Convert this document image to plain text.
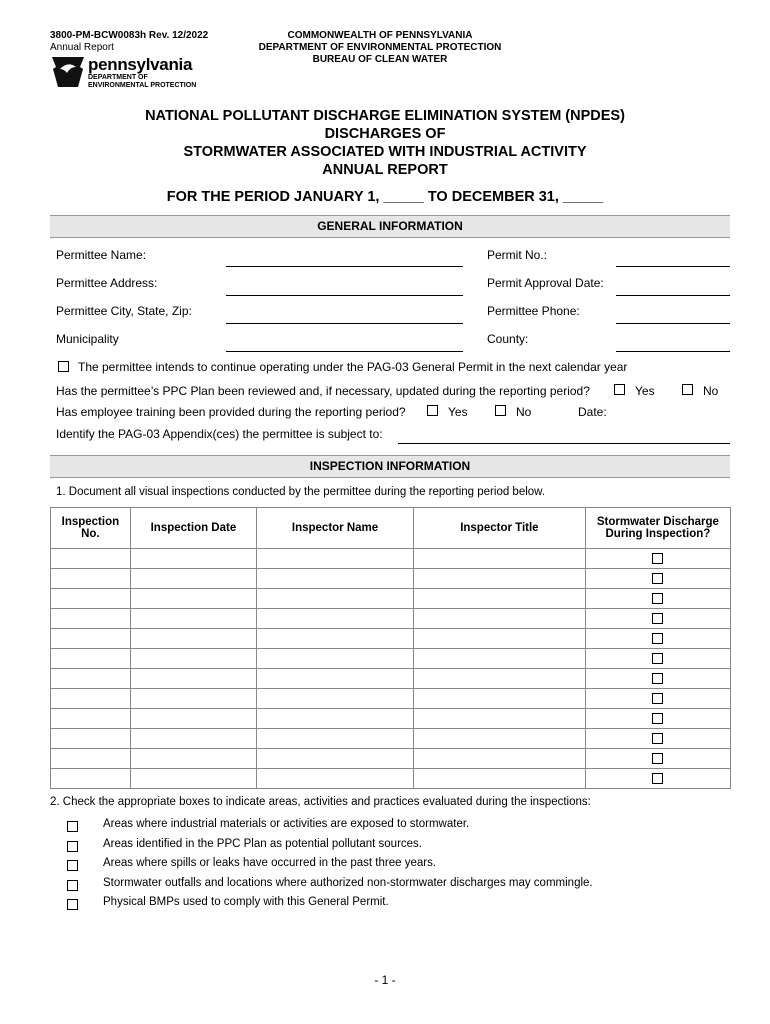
3800-PM-BCW0083h Rev. 12/2022
Annual Report
pennsylvania
DEPARTMENT OF ENVIRONMENTAL PROTECTION
COMMONWEALTH OF PENNSYLVANIA
DEPARTMENT OF ENVIRONMENTAL PROTECTION
BUREAU OF CLEAN WATER
NATIONAL POLLUTANT DISCHARGE ELIMINATION SYSTEM (NPDES)
DISCHARGES OF
STORMWATER ASSOCIATED WITH INDUSTRIAL ACTIVITY
ANNUAL REPORT
FOR THE PERIOD JANUARY 1, _____ TO DECEMBER 31, _____
GENERAL INFORMATION
Permittee Name:	Permit No.:
Permittee Address:	Permit Approval Date:
Permittee City, State, Zip:	Permittee Phone:
Municipality	County:
The permittee intends to continue operating under the PAG-03 General Permit in the next calendar year
Has the permittee’s PPC Plan been reviewed and, if necessary, updated during the reporting period?	Yes	No
Has employee training been provided during the reporting period?	Yes	No	Date:
Identify the PAG-03 Appendix(ces) the permittee is subject to:
INSPECTION INFORMATION
1. Document all visual inspections conducted by the permittee during the reporting period below.
Inspection No.	Inspection Date	Inspector Name	Inspector Title	Stormwater Discharge During Inspection?

2. Check the appropriate boxes to indicate areas, activities and practices evaluated during the inspections:
Areas where industrial materials or activities are exposed to stormwater.
Areas identified in the PPC Plan as potential pollutant sources.
Areas where spills or leaks have occurred in the past three years.
Stormwater outfalls and locations where authorized non-stormwater discharges may commingle.
Physical BMPs used to comply with this General Permit.
- 1 -
